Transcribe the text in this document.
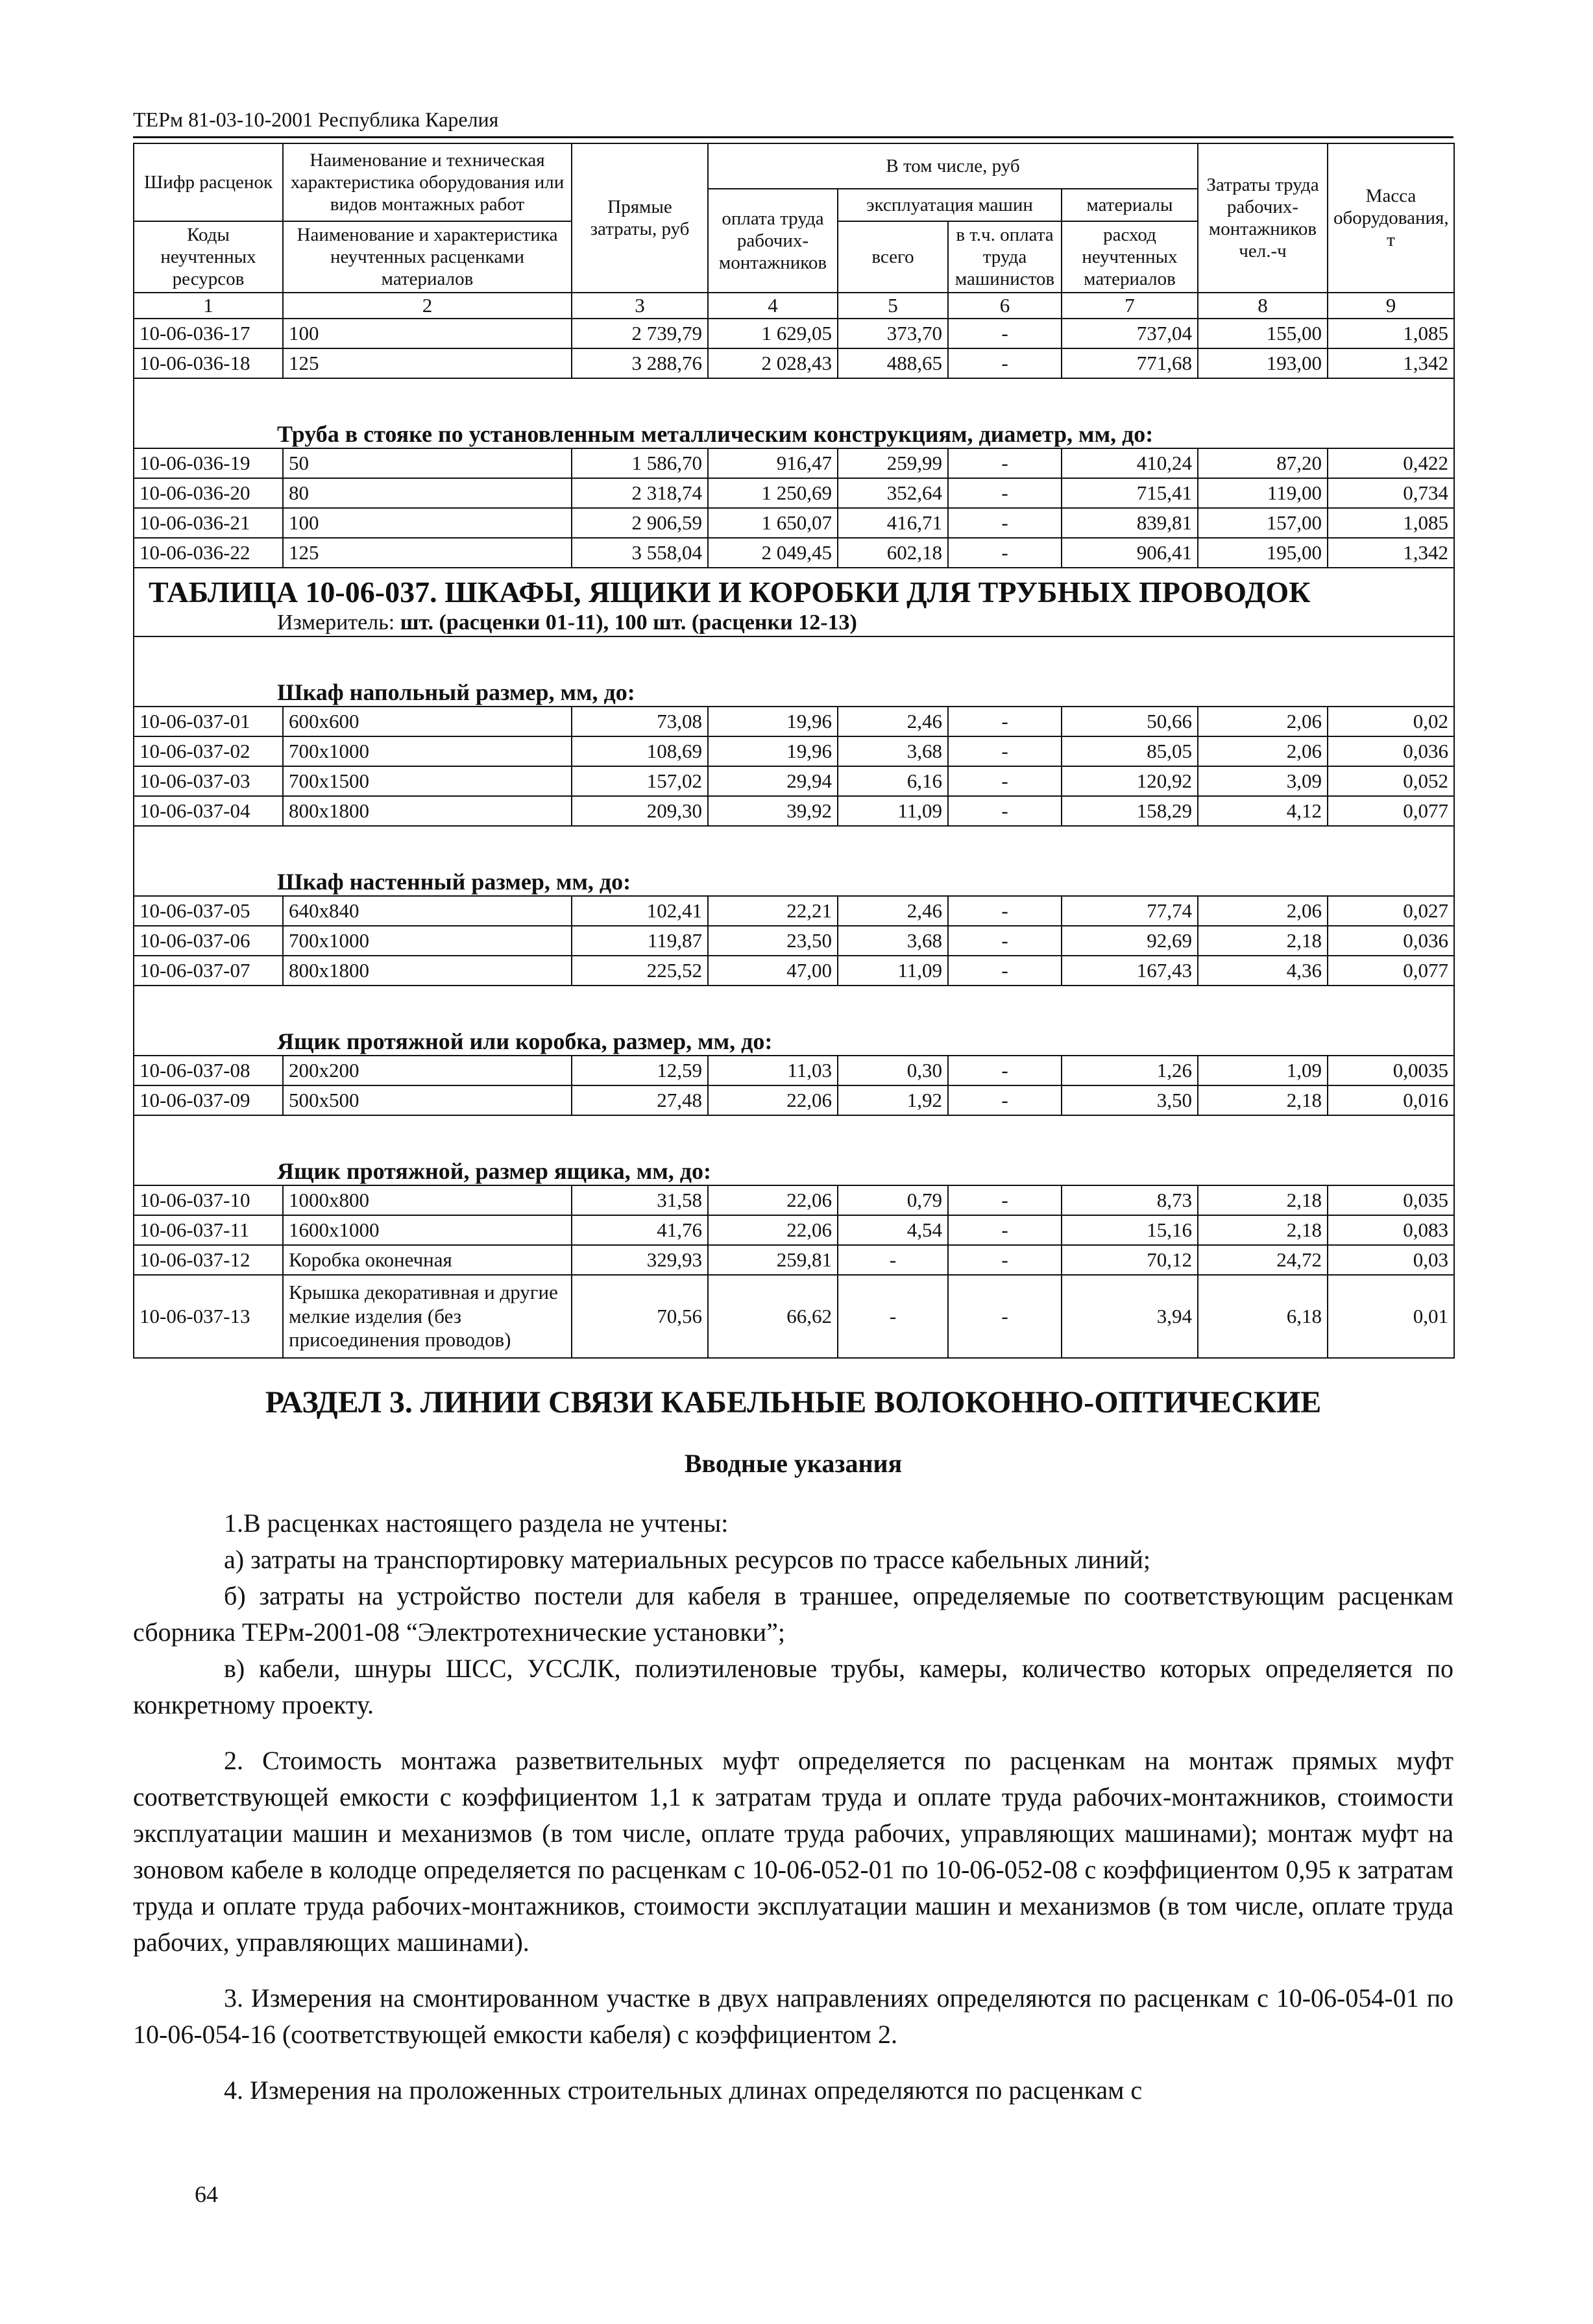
ТЕРм 81-03-10-2001 Республика Карелия
Шифр расценок	Наименование и техническая характеристика оборудования или видов монтажных работ	Прямые затраты, руб	В том числе, руб				Затраты труда рабочих-монтажников чел.-ч	Масса оборудования, т
			оплата труда рабочих-монтажников	эксплуатация машин		материалы		
Коды неучтенных ресурсов	Наименование и характеристика неучтенных расценками материалов			всего	в т.ч. оплата труда машинистов	расход неучтенных материалов		

1	2	3	4	5	6	7	8	9
10-06-036-17	100	2 739,79	1 629,05	373,70	-	737,04	155,00	1,085
10-06-036-18	125	3 288,76	2 028,43	488,65	-	771,68	193,00	1,342

Труба в стояке по установленным металлическим конструкциям, диаметр, мм, до:								
10-06-036-19	50	1 586,70	916,47	259,99	-	410,24	87,20	0,422
10-06-036-20	80	2 318,74	1 250,69	352,64	-	715,41	119,00	0,734
10-06-036-21	100	2 906,59	1 650,07	416,71	-	839,81	157,00	1,085
10-06-036-22	125	3 558,04	2 049,45	602,18	-	906,41	195,00	1,342
ТАБЛИЦА 10-06-037. ШКАФЫ, ЯЩИКИ И КОРОБКИ ДЛЯ ТРУБНЫХ ПРОВОДОК								
Измеритель: шт. (расценки 01-11), 100 шт. (расценки 12-13)								

Шкаф напольный размер, мм, до:								
10-06-037-01	600x600	73,08	19,96	2,46	-	50,66	2,06	0,02
10-06-037-02	700x1000	108,69	19,96	3,68	-	85,05	2,06	0,036
10-06-037-03	700x1500	157,02	29,94	6,16	-	120,92	3,09	0,052
10-06-037-04	800x1800	209,30	39,92	11,09	-	158,29	4,12	0,077

Шкаф настенный размер, мм, до:								
10-06-037-05	640x840	102,41	22,21	2,46	-	77,74	2,06	0,027
10-06-037-06	700x1000	119,87	23,50	3,68	-	92,69	2,18	0,036
10-06-037-07	800x1800	225,52	47,00	11,09	-	167,43	4,36	0,077

Ящик протяжной или коробка, размер, мм, до:								
10-06-037-08	200x200	12,59	11,03	0,30	-	1,26	1,09	0,0035
10-06-037-09	500x500	27,48	22,06	1,92	-	3,50	2,18	0,016

Ящик протяжной, размер ящика, мм, до:								
10-06-037-10	1000x800	31,58	22,06	0,79	-	8,73	2,18	0,035
10-06-037-11	1600x1000	41,76	22,06	4,54	-	15,16	2,18	0,083
10-06-037-12	Коробка оконечная	329,93	259,81	-	-	70,12	24,72	0,03
10-06-037-13	Крышка декоративная и другие мелкие изделия (без присоединения проводов)	70,56	66,62	-	-	3,94	6,18	0,01
РАЗДЕЛ 3. ЛИНИИ СВЯЗИ КАБЕЛЬНЫЕ ВОЛОКОННО-ОПТИЧЕСКИЕ
Вводные указания

1.В расценках настоящего раздела не учтены:

а) затраты на транспортировку материальных ресурсов по трассе кабельных линий;

б) затраты на устройство постели для кабеля в траншее, определяемые по соответствующим расценкам сборника ТЕРм-2001-08 “Электротехнические установки”;

в) кабели, шнуры ШСС, УССЛК, полиэтиленовые трубы, камеры, количество которых определяется по конкретному проекту.

2. Стоимость монтажа разветвительных муфт определяется по расценкам на монтаж прямых муфт соответствующей емкости с коэффициентом 1,1 к затратам труда и оплате труда рабочих-монтажников, стоимости эксплуатации машин и механизмов (в том числе, оплате труда рабочих, управляющих машинами); монтаж муфт на зоновом кабеле в колодце определяется по расценкам с 10-06-052-01 по 10-06-052-08 с коэффициентом 0,95 к затратам труда и оплате труда рабочих-монтажников, стоимости эксплуатации машин и механизмов (в том числе, оплате труда рабочих, управляющих машинами).

3. Измерения на смонтированном участке в двух направлениях определяются по расценкам с 10-06-054-01 по 10-06-054-16 (соответствующей емкости кабеля) с коэффициентом 2.

4. Измерения на проложенных строительных длинах определяются по расценкам с

64
